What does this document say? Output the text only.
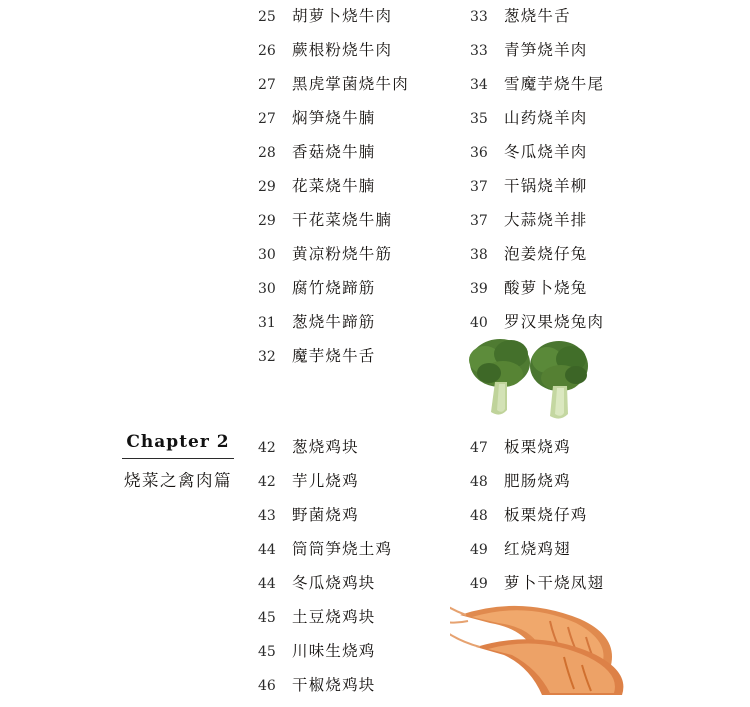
25	胡萝卜烧牛肉
26	蕨根粉烧牛肉
27	黑虎掌菌烧牛肉
27	焖笋烧牛腩
28	香菇烧牛腩
29	花菜烧牛腩
29	干花菜烧牛腩
30	黄凉粉烧牛筋
30	腐竹烧蹄筋
31	葱烧牛蹄筋
32	魔芋烧牛舌
33	葱烧牛舌
33	青笋烧羊肉
34	雪魔芋烧牛尾
35	山药烧羊肉
36	冬瓜烧羊肉
37	干锅烧羊柳
37	大蒜烧羊排
38	泡姜烧仔兔
39	酸萝卜烧兔
40	罗汉果烧兔肉
Chapter 2
烧菜之禽肉篇
42	葱烧鸡块
42	芋儿烧鸡
43	野菌烧鸡
44	筒筒笋烧土鸡
44	冬瓜烧鸡块
45	土豆烧鸡块
45	川味生烧鸡
46	干椒烧鸡块
47	板栗烧鸡
48	肥肠烧鸡
48	板栗烧仔鸡
49	红烧鸡翅
49	萝卜干烧凤翅
